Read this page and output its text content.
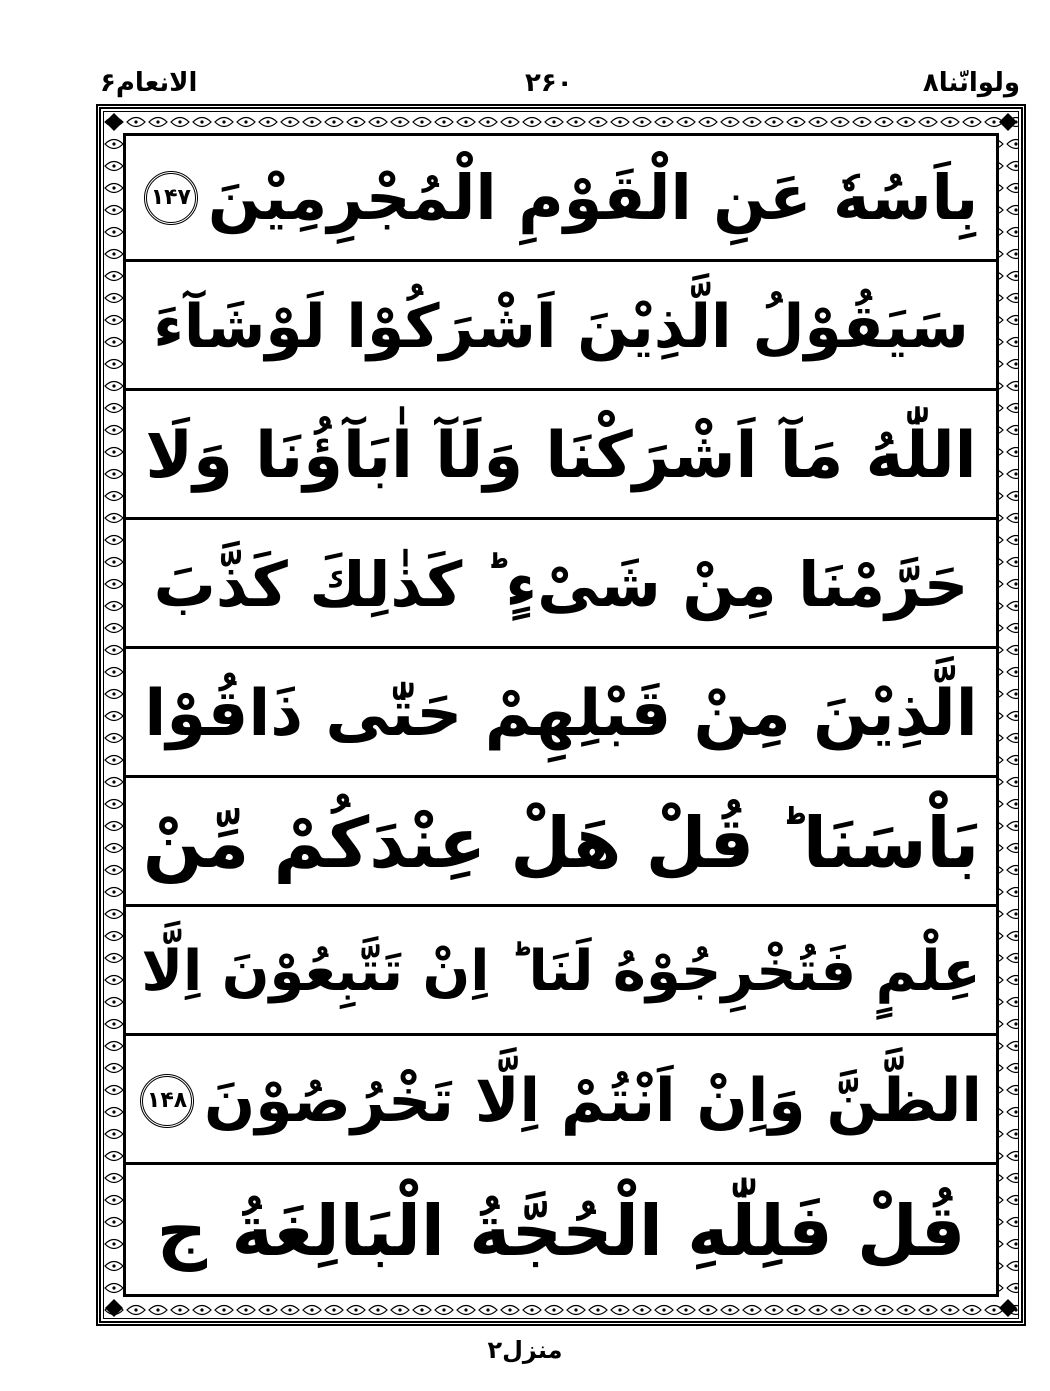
ولوانّنا۸
۲۶۰
الانعام۶
بِاَسُهٗ عَنِ الْقَوْمِ الْمُجْرِمِیْنَ
۱۴۷
سَیَقُوْلُ الَّذِیْنَ اَشْرَكُوْا لَوْشَآءَ
اللّٰهُ مَآ اَشْرَكْنَا وَلَآ اٰبَآؤُنَا وَلَا
حَرَّمْنَا مِنْ شَیْءٍ ؕ كَذٰلِكَ كَذَّبَ
الَّذِیْنَ مِنْ قَبْلِهِمْ حَتّٰى ذَاقُوْا
بَاْسَنَا ؕ قُلْ هَلْ عِنْدَكُمْ مِّنْ
عِلْمٍ فَتُخْرِجُوْهُ لَنَا ؕ اِنْ تَتَّبِعُوْنَ اِلَّا
الظَّنَّ وَاِنْ اَنْتُمْ اِلَّا تَخْرُصُوْنَ
۱۴۸
قُلْ فَلِلّٰهِ الْحُجَّةُ الْبَالِغَةُ ج
منزل۲
